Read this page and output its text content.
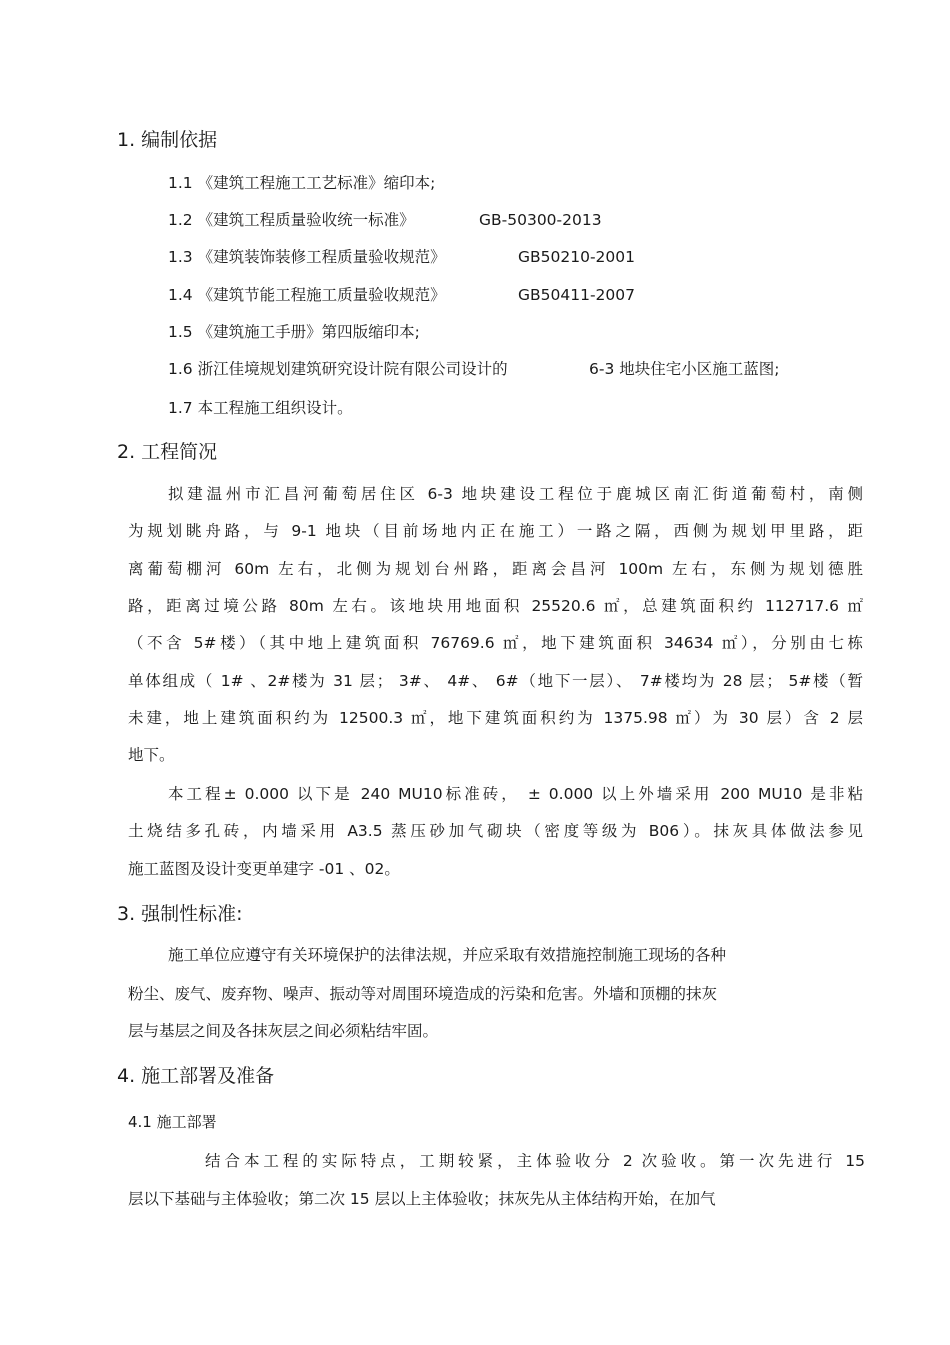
1. 编制依据
1.1 《建筑工程施工工艺标准》缩印本;
1.2 《建筑工程质量验收统一标准》	GB-50300-2013
1.3 《建筑装饰装修工程质量验收规范》	GB50210-2001
1.4 《建筑节能工程施工质量验收规范》	GB50411-2007
1.5 《建筑施工手册》第四版缩印本;
1.6 浙江佳境规划建筑研究设计院有限公司设计的	6-3 地块住宅小区施工蓝图;
1.7 本工程施工组织设计。
2. 工程简况
拟建温州市汇昌河葡萄居住区 6-3 地块建设工程位于鹿城区南汇街道葡萄村，南侧
为规划眺舟路，与 9-1 地块（目前场地内正在施工）一路之隔，西侧为规划甲里路，距
离葡萄棚河 60m 左右，北侧为规划台州路，距离会昌河 100m 左右，东侧为规划德胜
路，距离过境公路 80m 左右。该地块用地面积 25520.6 ㎡，总建筑面积约 112717.6 ㎡
（不含 5#楼）（其中地上建筑面积 76769.6 ㎡，地下建筑面积 34634 ㎡），分别由七栋
单体组成（ 1# 、2#楼为 31 层； 3#、 4#、 6#（地下一层）、 7#楼均为 28 层； 5#楼（暂
未建，地上建筑面积约为 12500.3 ㎡，地下建筑面积约为 1375.98 ㎡）为 30 层）含 2 层
地下。
本工程± 0.000 以下是 240 MU10标准砖， ± 0.000 以上外墙采用 200 MU10 是非粘
土烧结多孔砖，内墙采用 A3.5 蒸压砂加气砌块（密度等级为 B06）。抹灰具体做法参见
施工蓝图及设计变更单建字 -01 、02。
3. 强制性标准:
施工单位应遵守有关环境保护的法律法规，并应采取有效措施控制施工现场的各种
粉尘、废气、废弃物、噪声、振动等对周围环境造成的污染和危害。外墙和顶棚的抹灰
层与基层之间及各抹灰层之间必须粘结牢固。
4. 施工部署及准备
4.1 施工部署
结合本工程的实际特点，工期较紧，主体验收分 2 次验收。第一次先进行 15
层以下基础与主体验收；第二次 15 层以上主体验收；抹灰先从主体结构开始，在加气
